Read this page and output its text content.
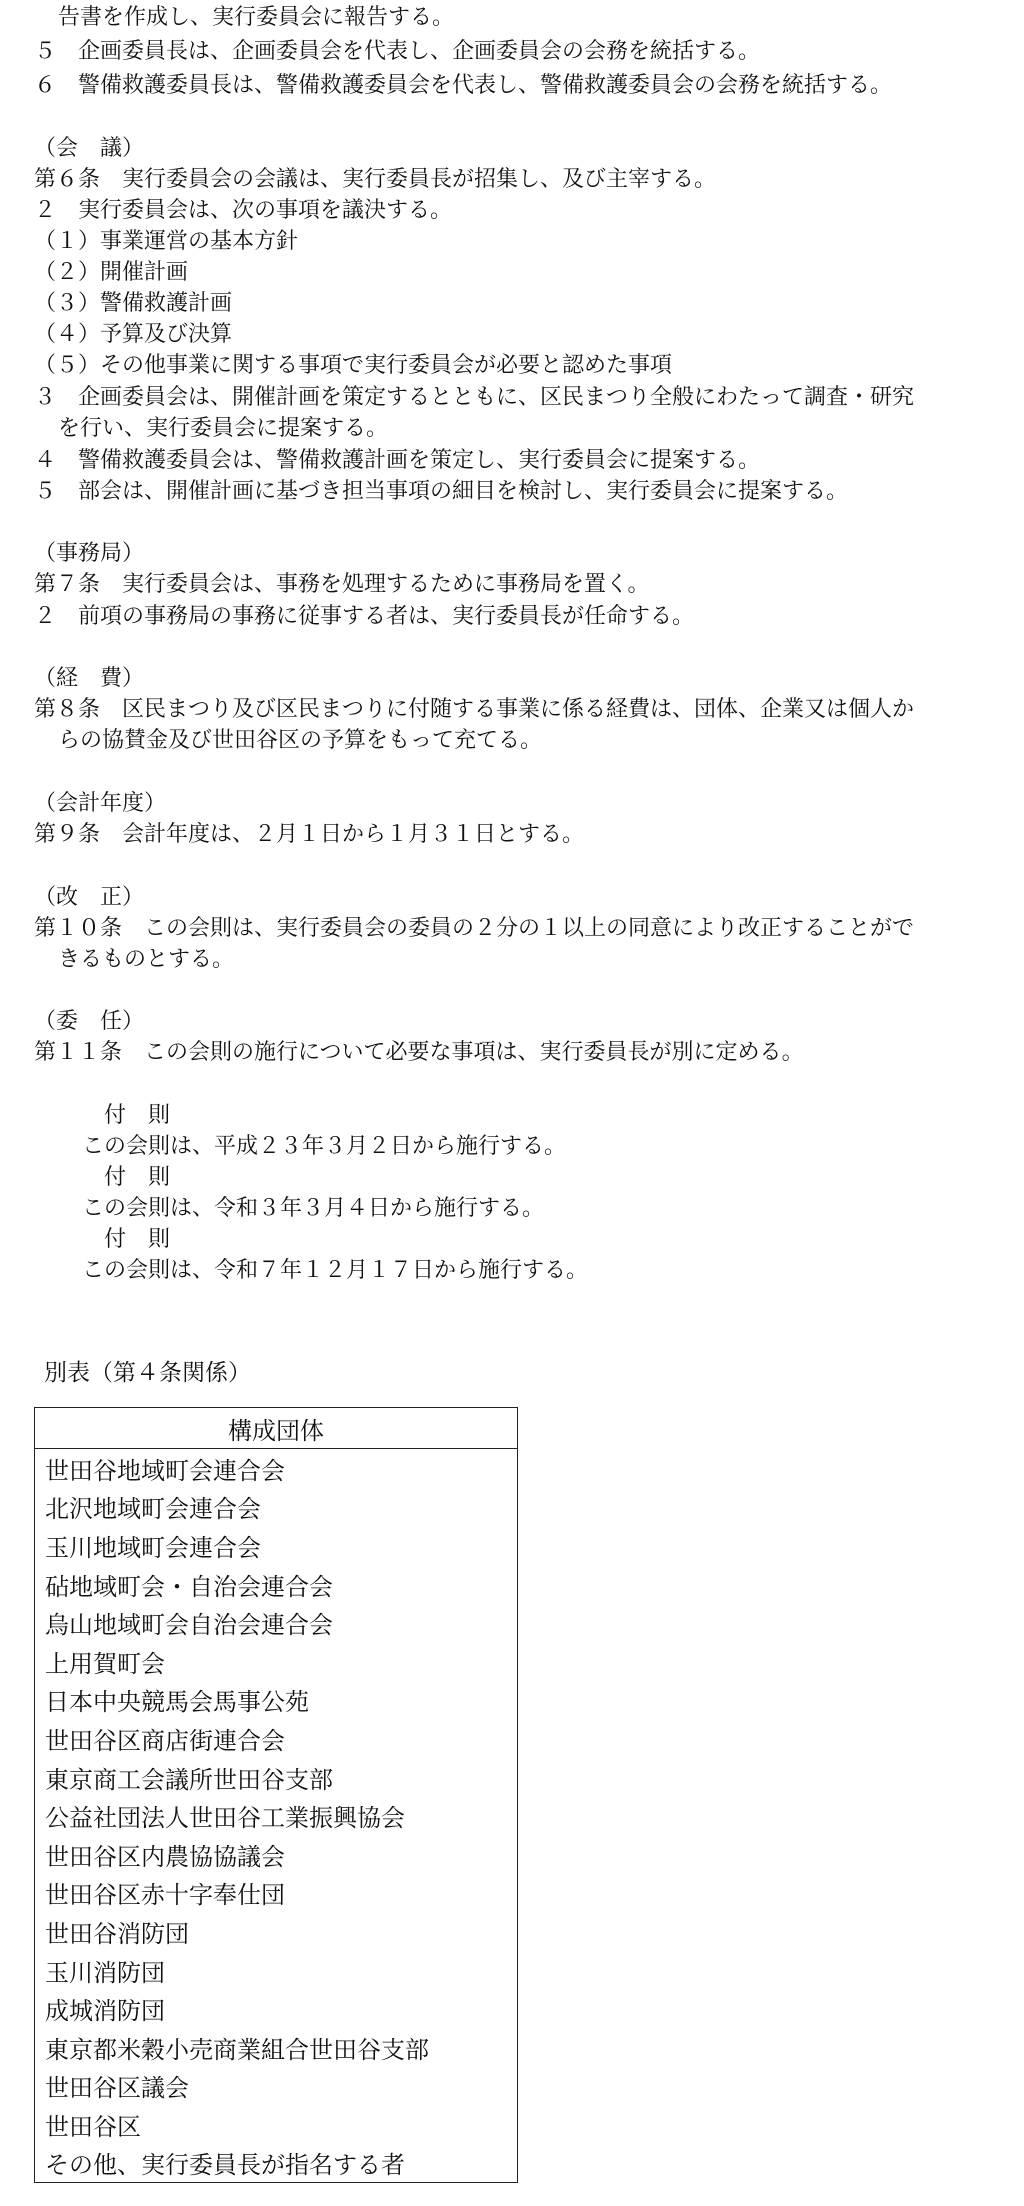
告書を作成し、実行委員会に報告する。
５　企画委員長は、企画委員会を代表し、企画委員会の会務を統括する。
６　警備救護委員長は、警備救護委員会を代表し、警備救護委員会の会務を統括する。
（会　議）
第６条　実行委員会の会議は、実行委員長が招集し、及び主宰する。
２　実行委員会は、次の事項を議決する。
（１）事業運営の基本方針
（２）開催計画
（３）警備救護計画
（４）予算及び決算
（５）その他事業に関する事項で実行委員会が必要と認めた事項
３　企画委員会は、開催計画を策定するとともに、区民まつり全般にわたって調査・研究
を行い、実行委員会に提案する。
４　警備救護委員会は、警備救護計画を策定し、実行委員会に提案する。
５　部会は、開催計画に基づき担当事項の細目を検討し、実行委員会に提案する。
（事務局）
第７条　実行委員会は、事務を処理するために事務局を置く。
２　前項の事務局の事務に従事する者は、実行委員長が任命する。
（経　費）
第８条　区民まつり及び区民まつりに付随する事業に係る経費は、団体、企業又は個人か
らの協賛金及び世田谷区の予算をもって充てる。
（会計年度）
第９条　会計年度は、２月１日から１月３１日とする。
（改　正）
第１０条　この会則は、実行委員会の委員の２分の１以上の同意により改正することがで
きるものとする。
（委　任）
第１１条　この会則の施行について必要な事項は、実行委員長が別に定める。
付　則
この会則は、平成２３年３月２日から施行する。
付　則
この会則は、令和３年３月４日から施行する。
付　則
この会則は、令和７年１２月１７日から施行する。
別表（第４条関係）
構成団体
世田谷地域町会連合会
北沢地域町会連合会
玉川地域町会連合会
砧地域町会・自治会連合会
烏山地域町会自治会連合会
上用賀町会
日本中央競馬会馬事公苑
世田谷区商店街連合会
東京商工会議所世田谷支部
公益社団法人世田谷工業振興協会
世田谷区内農協協議会
世田谷区赤十字奉仕団
世田谷消防団
玉川消防団
成城消防団
東京都米穀小売商業組合世田谷支部
世田谷区議会
世田谷区
その他、実行委員長が指名する者
